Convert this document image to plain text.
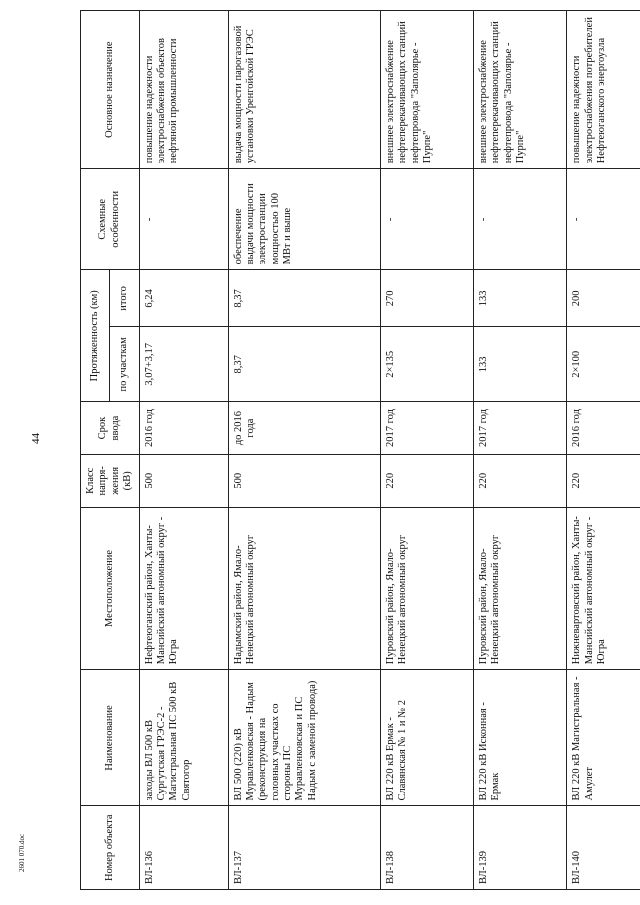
44
2601 070.doc	Номер объекта	Наименование	Местоположение	Класс напря-жения (кВ)	Срок ввода	Протяженность (км)		Схемные особенности	Основное назначение
					по участкам	итого		
ВЛ-136	заходы ВЛ 500 кВ Сургутская ГРЭС-2 - Магистральная ПС 500 кВ Святогор	Нефтеюганский район, Ханты-Мансийский автономный округ - Югра	500	2016 год	3,07+3,17	6,24	-	повышение надежности электроснабжения объектов нефтяной промышленности
ВЛ-137	ВЛ 500 (220) кВ Муравленковская - Надым (реконструкция на головных участках со стороны ПС Муравленковская и ПС Надым с заменой провода)	Надымский район, Ямало-Ненецкий автономный округ	500	до 2016 года	8,37	8,37	обеспечение выдачи мощности электростанции мощностью 100 МВт и выше	выдача мощности парогазовой установки Уренгойской ГРЭС
ВЛ-138	ВЛ 220 кВ Ермак - Славянская № 1 и № 2	Пуровский район, Ямало-Ненецкий автономный округ	220	2017 год	2×135	270	-	внешнее электроснабжение нефтеперекачивающих станций нефтепровода "Заполярье - Пурпе"
ВЛ-139	ВЛ 220 кВ Исконная - Ермак	Пуровский район, Ямало-Ненецкий автономный округ	220	2017 год	133	133	-	внешнее электроснабжение нефтеперекачивающих станций нефтепровода "Заполярье - Пурпе"
ВЛ-140	ВЛ 220 кВ Магистральная - Амулет	Нижневартовский район, Ханты-Мансийский автономный округ - Югра	220	2016 год	2×100	200	-	повышение надежности электроснабжения потребителей Нефтеюганского энергоузла
